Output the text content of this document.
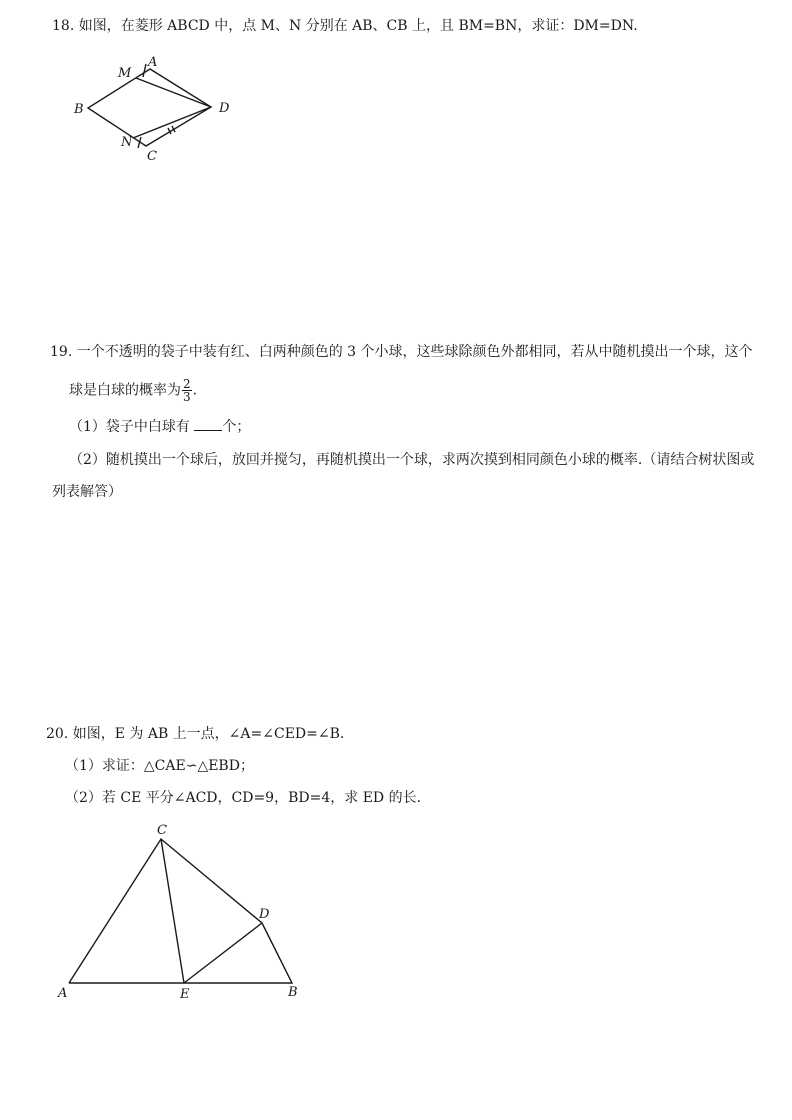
18. 如图，在菱形 ABCD 中，点 M、N 分别在 AB、CB 上，且 BM=BN，求证：DM=DN.
M
A
B	D
N
C
19. 一个不透明的袋子中装有红、白两种颜色的 3 个小球，这些球除颜色外都相同，若从中随机摸出一个球，这个
球是白球的概率为 $\frac{2}{3}$ .
（1）袋子中白球有 个；
（2）随机摸出一个球后，放回并搅匀，再随机摸出一个球，求两次摸到相同颜色小球的概率.（请结合树状图或
列表解答）
20. 如图，E 为 AB 上一点，∠A=∠CED=∠B.
（1）求证：△CAE∽△EBD；
（2）若 CE 平分∠ACD，CD=9，BD=4，求 ED 的长.
C
D
A	E	B
